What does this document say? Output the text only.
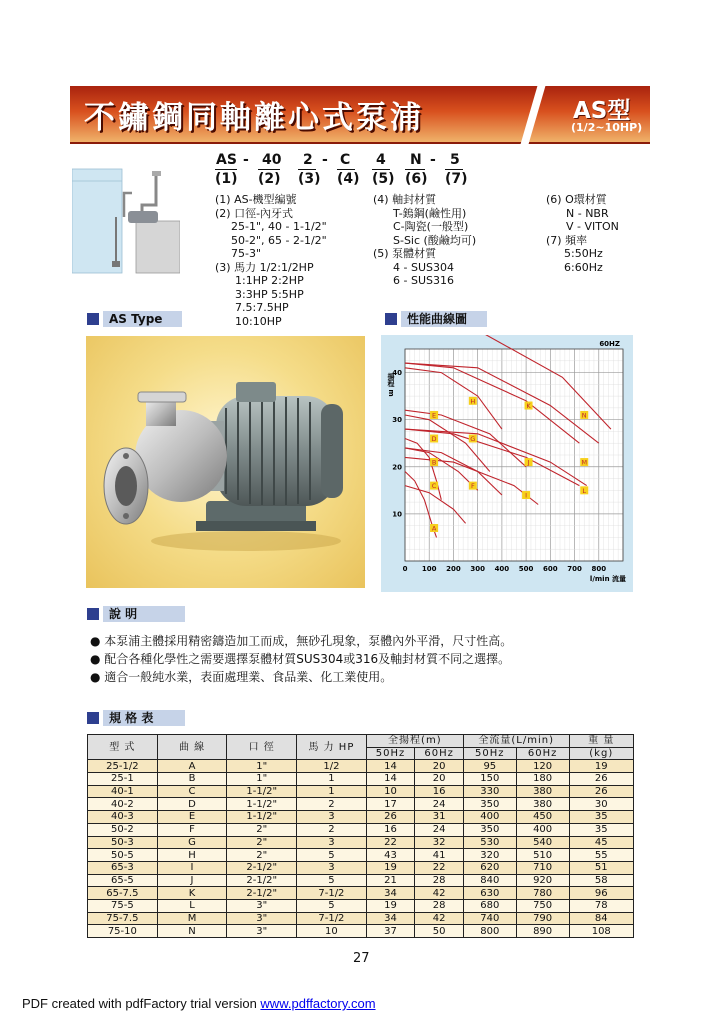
不鏽鋼同軸離心式泵浦	AS型
(1/2~10HP)
AS - 40 2 - C 4 N - 5
(1) (2) (3) (4) (5) (6) (7)
(1) AS-機型編號
(2) 口徑-內牙式
25-1", 40 - 1-1/2"
50-2", 65 - 2-1/2"
75-3"
(3) 馬力 1/2:1/2HP
1:1HP 2:2HP
3:3HP 5:5HP
7.5:7.5HP
10:10HP
(4) 軸封材質
T-鎢鋼(鹼性用)
C-陶瓷(一般型)
S-Sic (酸鹼均可)
(5) 泵體材質
4 - SUS304
6 - SUS316
(6) O環材質
N - NBR
V - VITON
(7) 頻率
5:50Hz
6:60Hz
AS Type	性能曲線圖
A
B
C
D
E
F
G
H
I
J
K
L
M
N
0 100 200 300 400 500 600 700 800
10
20
30
40
60HZ
揚程 m
l/min 流量
說 明
● 本泵浦主體採用精密鑄造加工而成，無砂孔現象，泵體內外平滑，尺寸性高。
● 配合各種化學性之需要選擇泵體材質SUS304或316及軸封材質不同之選擇。
● 適合一般純水業，表面處理業、食品業、化工業使用。
規 格 表
型 式	曲 線	口 徑	馬 力 HP	全揚程(m)		全流量(L/min)		重 量
				50Hz	60Hz	50Hz	60Hz	(kg)
25-1/2	A	1"	1/2	14	20	95	120	19
25-1	B	1"	1	14	20	150	180	26
40-1	C	1-1/2"	1	10	16	330	380	26
40-2	D	1-1/2"	2	17	24	350	380	30
40-3	E	1-1/2"	3	26	31	400	450	35
50-2	F	2"	2	16	24	350	400	35
50-3	G	2"	3	22	32	530	540	45
50-5	H	2"	5	43	41	320	510	55
65-3	I	2-1/2"	3	19	22	620	710	51
65-5	J	2-1/2"	5	21	28	840	920	58
65-7.5	K	2-1/2"	7-1/2	34	42	630	780	96
75-5	L	3"	5	19	28	680	750	78
75-7.5	M	3"	7-1/2	34	42	740	790	84
75-10	N	3"	10	37	50	800	890	108
27
PDF created with pdfFactory trial version www.pdffactory.com
